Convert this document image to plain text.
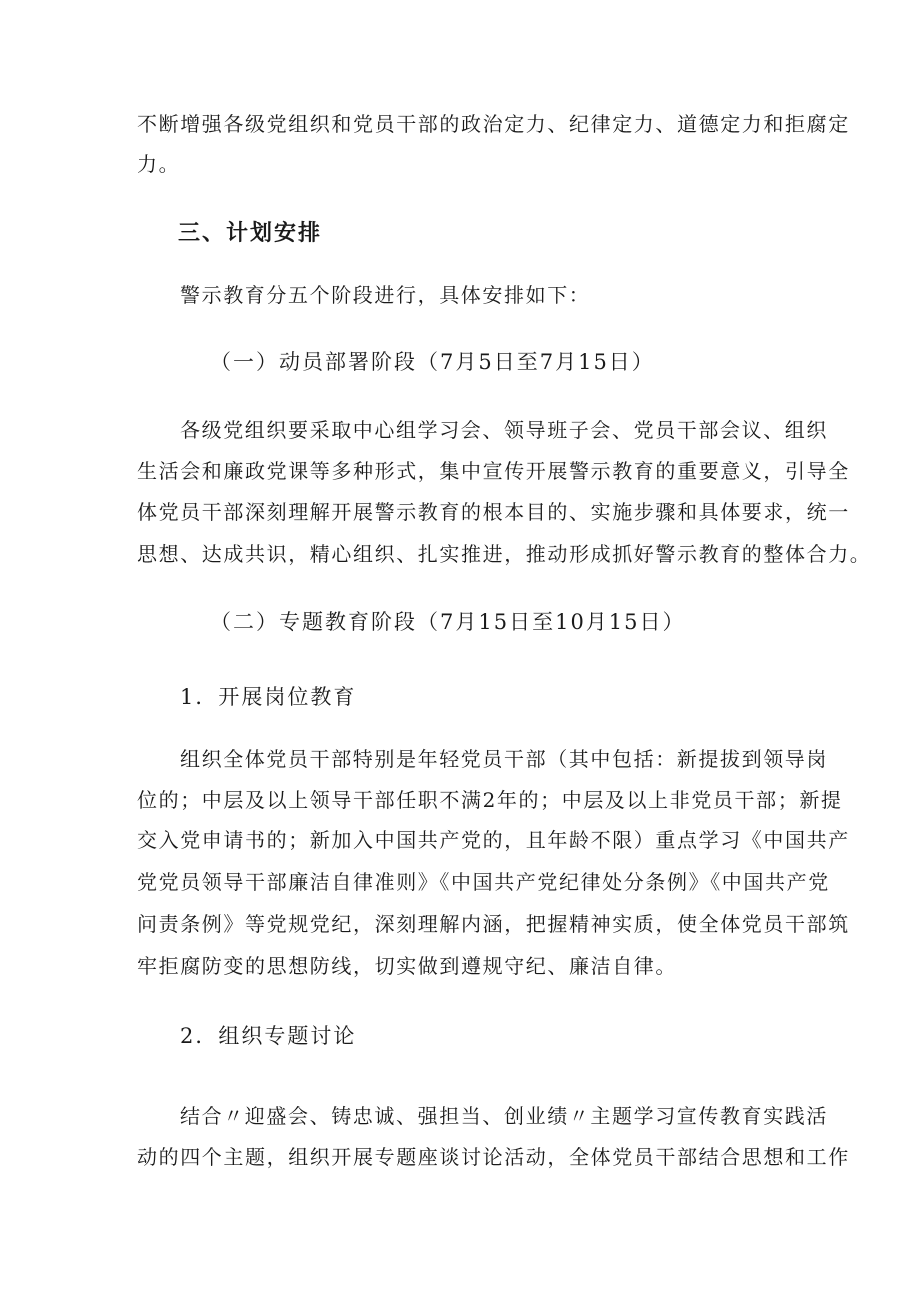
不断增强各级党组织和党员干部的政治定力、纪律定力、道德定力和拒腐定
力。
三、计划安排
警示教育分五个阶段进行，具体安排如下：
（一）动员部署阶段（7月5日至7月15日）
各级党组织要采取中心组学习会、领导班子会、党员干部会议、组织
生活会和廉政党课等多种形式，集中宣传开展警示教育的重要意义，引导全
体党员干部深刻理解开展警示教育的根本目的、实施步骤和具体要求，统一
思想、达成共识，精心组织、扎实推进，推动形成抓好警示教育的整体合力。
（二）专题教育阶段（7月15日至10月15日）
1．开展岗位教育
组织全体党员干部特别是年轻党员干部（其中包括：新提拔到领导岗
位的；中层及以上领导干部任职不满2年的；中层及以上非党员干部；新提
交入党申请书的；新加入中国共产党的，且年龄不限）重点学习《中国共产
党党员领导干部廉洁自律准则》《中国共产党纪律处分条例》《中国共产党
问责条例》等党规党纪，深刻理解内涵，把握精神实质，使全体党员干部筑
牢拒腐防变的思想防线，切实做到遵规守纪、廉洁自律。
2．组织专题讨论
结合〃迎盛会、铸忠诚、强担当、创业绩〃主题学习宣传教育实践活
动的四个主题，组织开展专题座谈讨论活动，全体党员干部结合思想和工作
